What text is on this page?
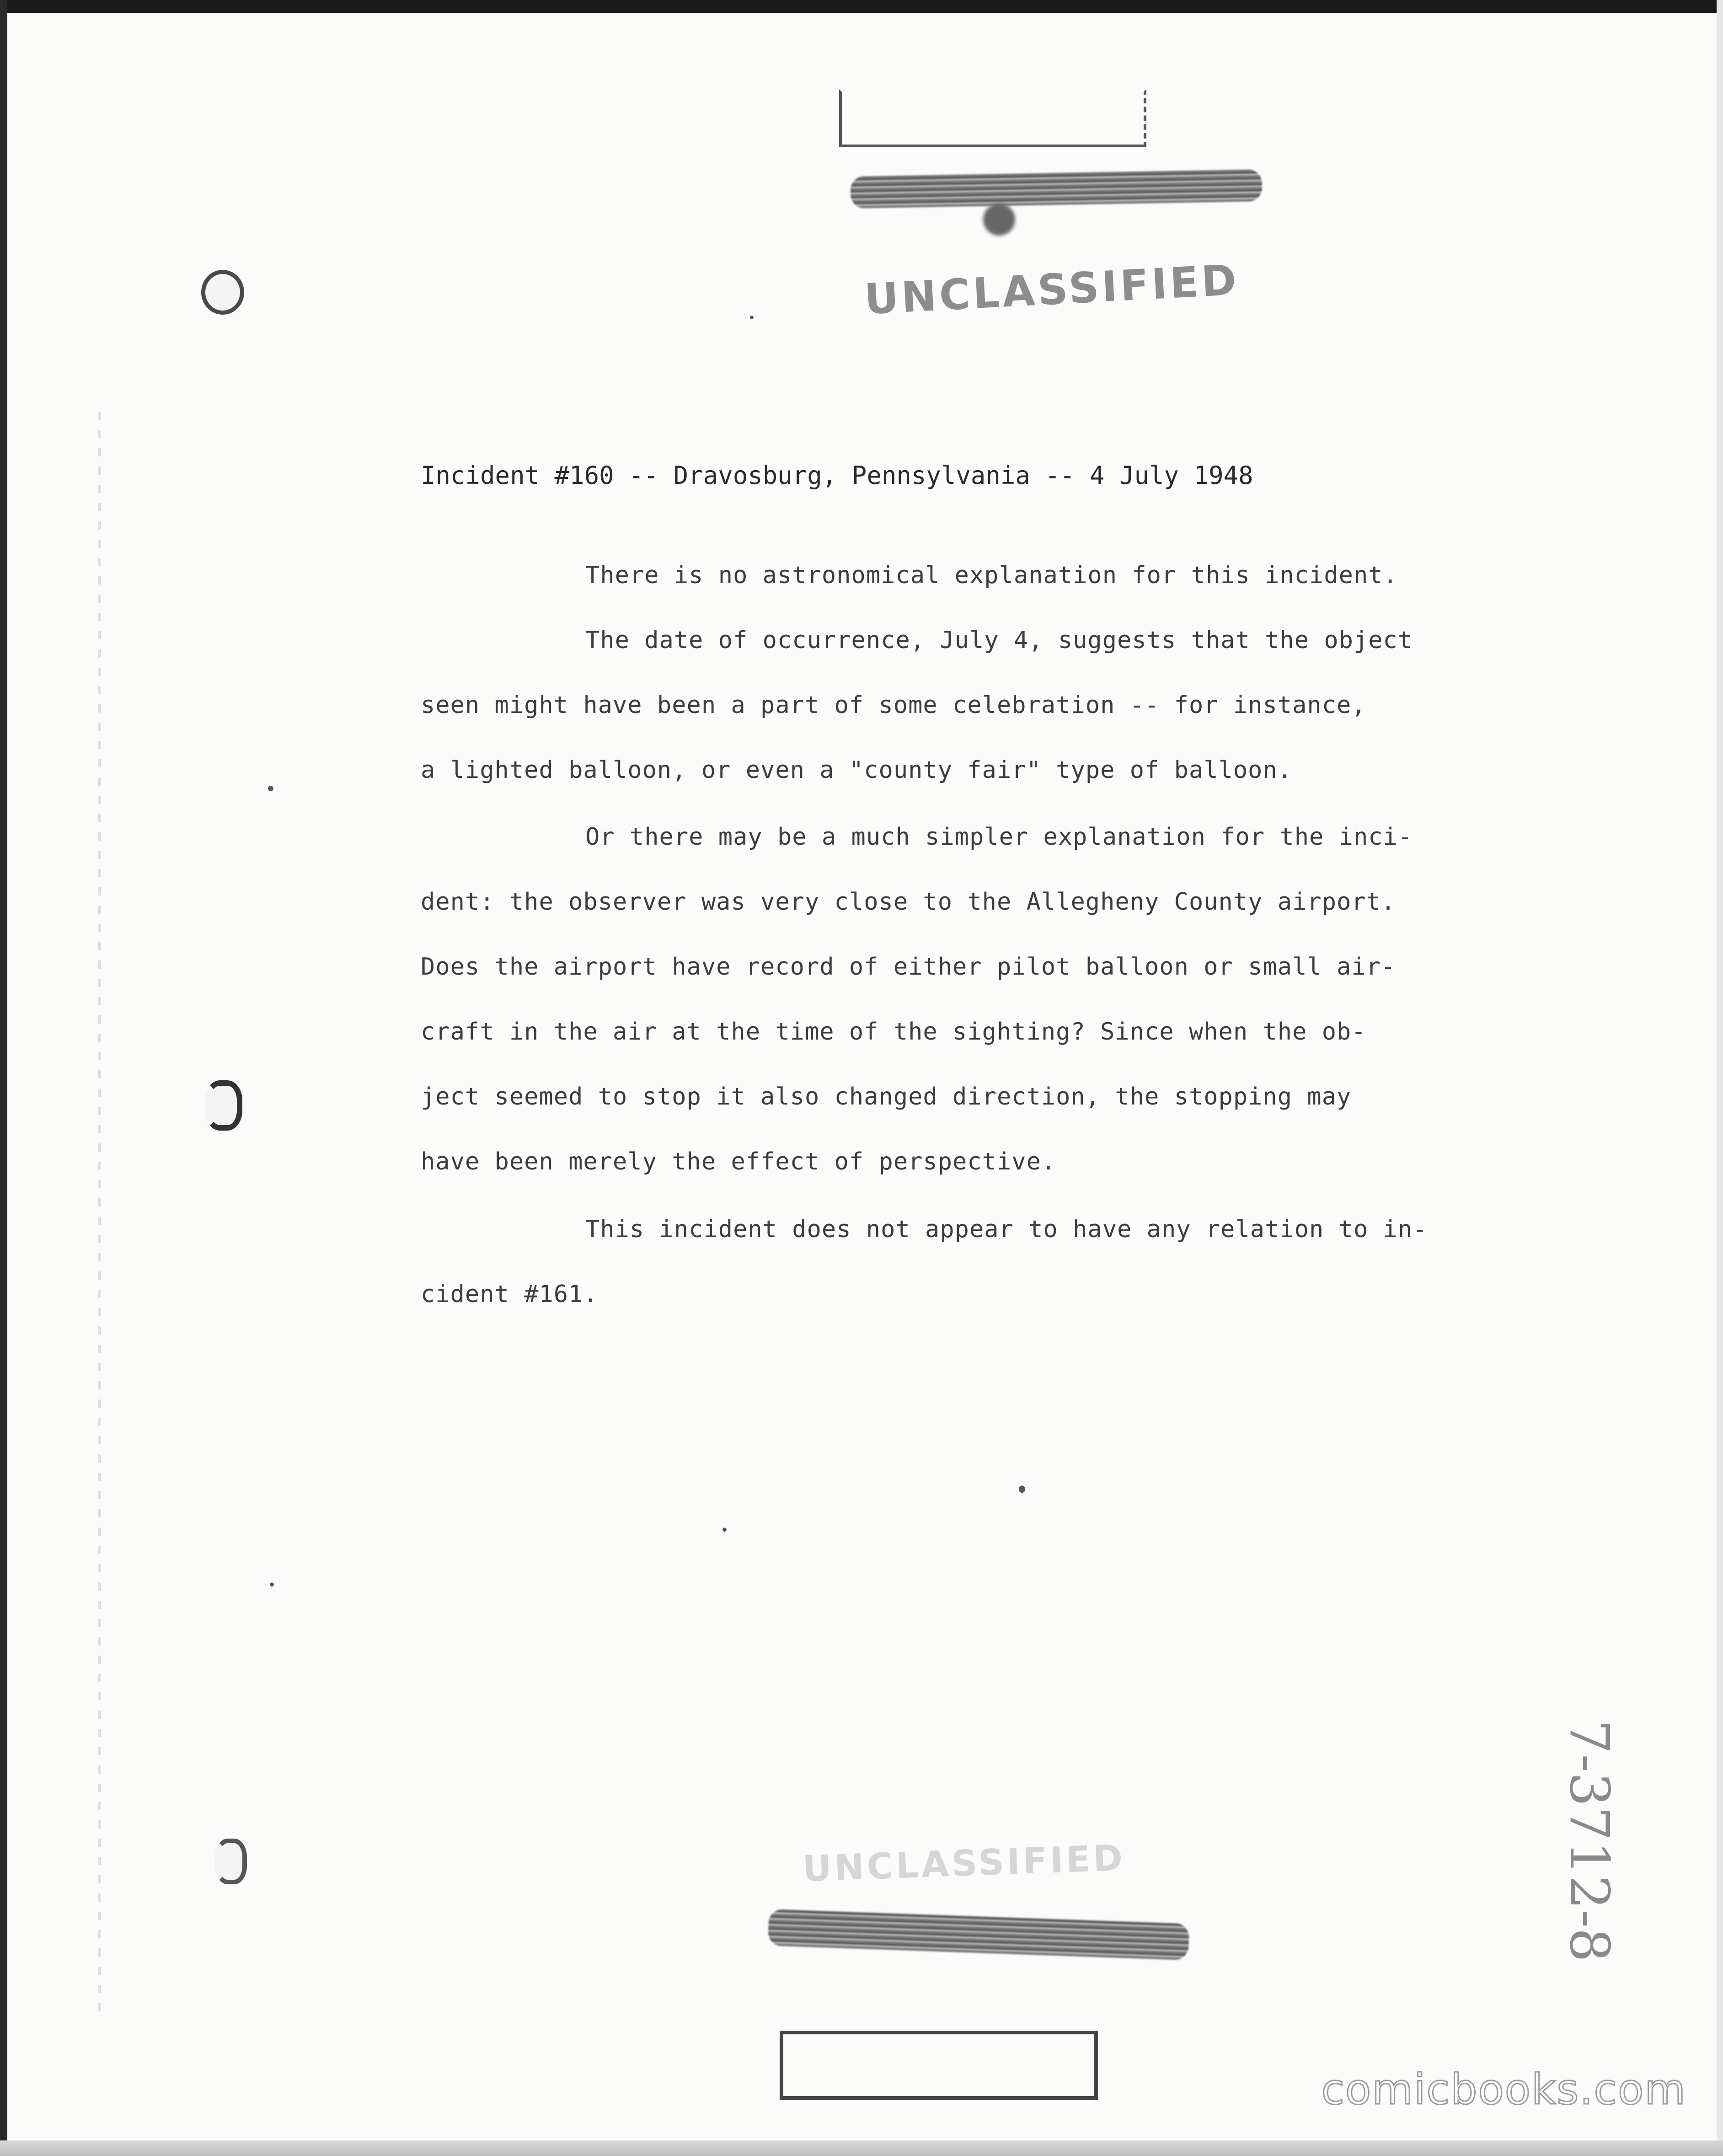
UNCLASSIFIED
Incident #160 -- Dravosburg, Pennsylvania -- 4 July 1948
There is no astronomical explanation for this incident.
The date of occurrence, July 4, suggests that the object
seen might have been a part of some celebration -- for instance,
a lighted balloon, or even a "county fair" type of balloon.
Or there may be a much simpler explanation for the inci-
dent: the observer was very close to the Allegheny County airport.
Does the airport have record of either pilot balloon or small air-
craft in the air at the time of the sighting? Since when the ob-
ject seemed to stop it also changed direction, the stopping may
have been merely the effect of perspective.
This incident does not appear to have any relation to in-
cident #161.
UNCLASSIFIED	7-3712-8
comicbooks.com
